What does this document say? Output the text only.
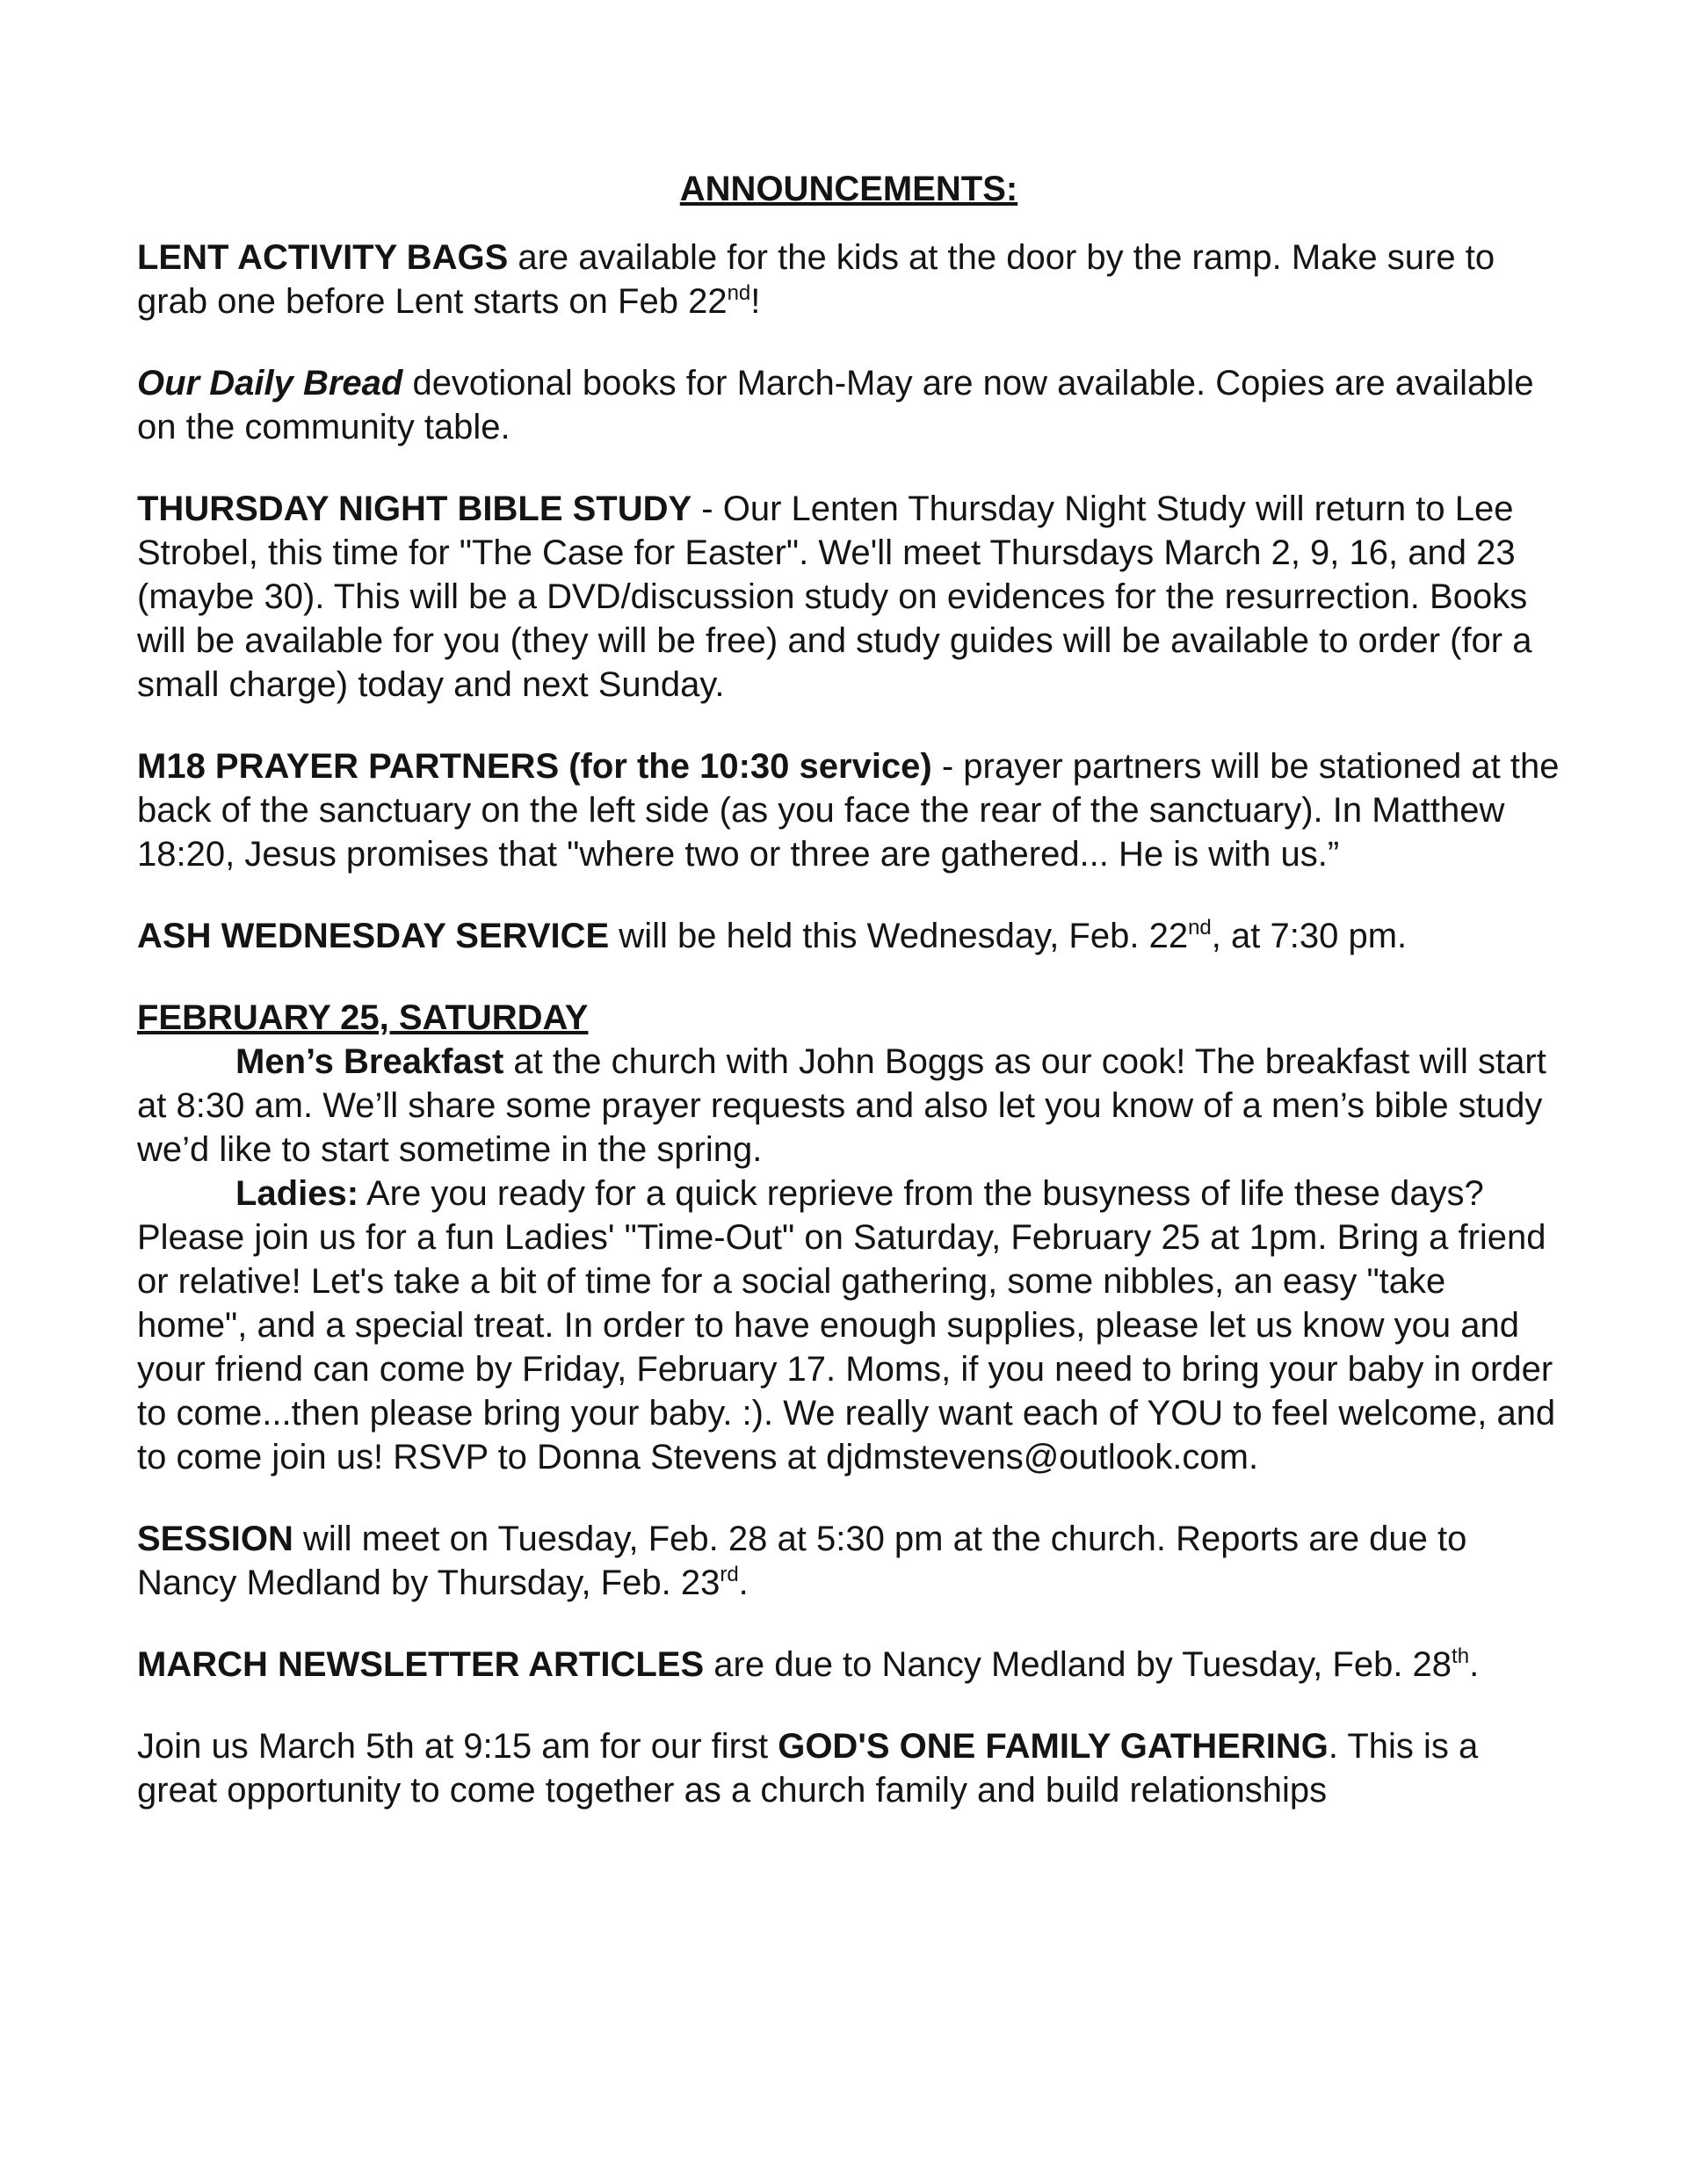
ANNOUNCEMENTS:

LENT ACTIVITY BAGS are available for the kids at the door by the ramp. Make sure to grab one before Lent starts on Feb 22nd!

Our Daily Bread devotional books for March-May are now available. Copies are available on the community table.

THURSDAY NIGHT BIBLE STUDY - Our Lenten Thursday Night Study will return to Lee Strobel, this time for "The Case for Easter". We'll meet Thursdays March 2, 9, 16, and 23 (maybe 30). This will be a DVD/discussion study on evidences for the resurrection. Books will be available for you (they will be free) and study guides will be available to order (for a small charge) today and next Sunday.

M18 PRAYER PARTNERS (for the 10:30 service) - prayer partners will be stationed at the back of the sanctuary on the left side (as you face the rear of the sanctuary). In Matthew 18:20, Jesus promises that "where two or three are gathered... He is with us.”

ASH WEDNESDAY SERVICE will be held this Wednesday, Feb. 22nd, at 7:30 pm.

FEBRUARY 25, SATURDAY
Men’s Breakfast at the church with John Boggs as our cook! The breakfast will start at 8:30 am. We’ll share some prayer requests and also let you know of a men’s bible study we’d like to start sometime in the spring.
Ladies: Are you ready for a quick reprieve from the busyness of life these days? Please join us for a fun Ladies' "Time-Out" on Saturday, February 25 at 1pm. Bring a friend or relative! Let's take a bit of time for a social gathering, some nibbles, an easy "take home", and a special treat. In order to have enough supplies, please let us know you and your friend can come by Friday, February 17. Moms, if you need to bring your baby in order to come...then please bring your baby. :). We really want each of YOU to feel welcome, and to come join us! RSVP to Donna Stevens at djdmstevens@outlook.com.

SESSION will meet on Tuesday, Feb. 28 at 5:30 pm at the church. Reports are due to Nancy Medland by Thursday, Feb. 23rd.

MARCH NEWSLETTER ARTICLES are due to Nancy Medland by Tuesday, Feb. 28th.

Join us March 5th at 9:15 am for our first GOD'S ONE FAMILY GATHERING. This is a great opportunity to come together as a church family and build relationships
